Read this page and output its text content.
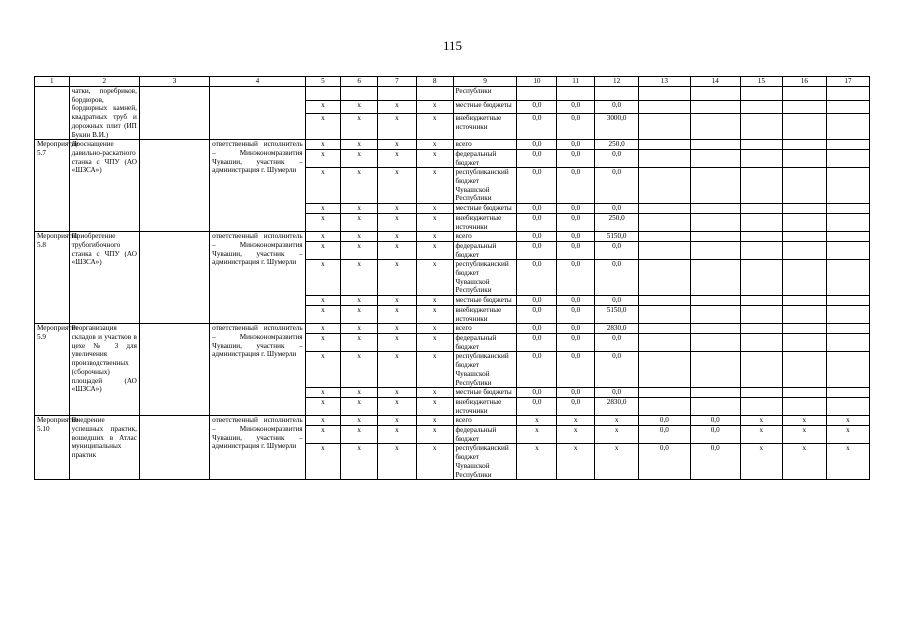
115
1	2	3	4	5	6	7	8	9	10	11	12	13	14	15	16	17
	чатки, поребриков, бордюров, бордюрных камней, квадратных труб и дорожных плит (ИП Букин В.И.)							Республики								
				x	x	x	x	местные бюджеты	0,0	0,0	0,0					
				x	x	x	x	внебюджетные источники	0,0	0,0	3000,0					
Мероприятие 5.7	Дооснащение давильно-раскатного станка с ЧПУ (АО «ШЗСА»)		ответственный исполнитель – Минэкономразвития Чувашии, участник – администрация г. Шумерли	x	x	x	x	всего	0,0	0,0	250,0					
				x	x	x	x	федеральный бюджет	0,0	0,0	0,0					
				x	x	x	x	республиканский бюджет Чувашской Республики	0,0	0,0	0,0					
				x	x	x	x	местные бюджеты	0,0	0,0	0,0					
				x	x	x	x	внебюджетные источники	0,0	0,0	250,0					
Мероприятие 5.8	Приобретение трубогибочного станка с ЧПУ (АО «ШЗСА»)		ответственный исполнитель – Минэкономразвития Чувашии, участник – администрация г. Шумерли	x	x	x	x	всего	0,0	0,0	5150,0					
				x	x	x	x	федеральный бюджет	0,0	0,0	0,0					
				x	x	x	x	республиканский бюджет Чувашской Республики	0,0	0,0	0,0					
				x	x	x	x	местные бюджеты	0,0	0,0	0,0					
				x	x	x	x	внебюджетные источники	0,0	0,0	5150,0					
Мероприятие 5.9	Реорганизация складов и участков в цехе № 3 для увеличения производственных (сборочных) площадей (АО «ШЗСА»)		ответственный исполнитель – Минэкономразвития Чувашии, участник – администрация г. Шумерли	x	x	x	x	всего	0,0	0,0	2830,0					
				x	x	x	x	федеральный бюджет	0,0	0,0	0,0					
				x	x	x	x	республиканский бюджет Чувашской Республики	0,0	0,0	0,0					
				x	x	x	x	местные бюджеты	0,0	0,0	0,0					
				x	x	x	x	внебюджетные источники	0,0	0,0	2830,0					
Мероприятие 5.10	Внедрение успешных практик, вошедших в Атлас муниципальных практик		ответственный исполнитель – Минэкономразвития Чувашии, участник – администрация г. Шумерли	x	x	x	x	всего	x	x	x	0,0	0,0	x	x	x
				x	x	x	x	федеральный бюджет	x	x	x	0,0	0,0	x	x	x
				x	x	x	x	республиканский бюджет Чувашской Республики	x	x	x	0,0	0,0	x	x	x
